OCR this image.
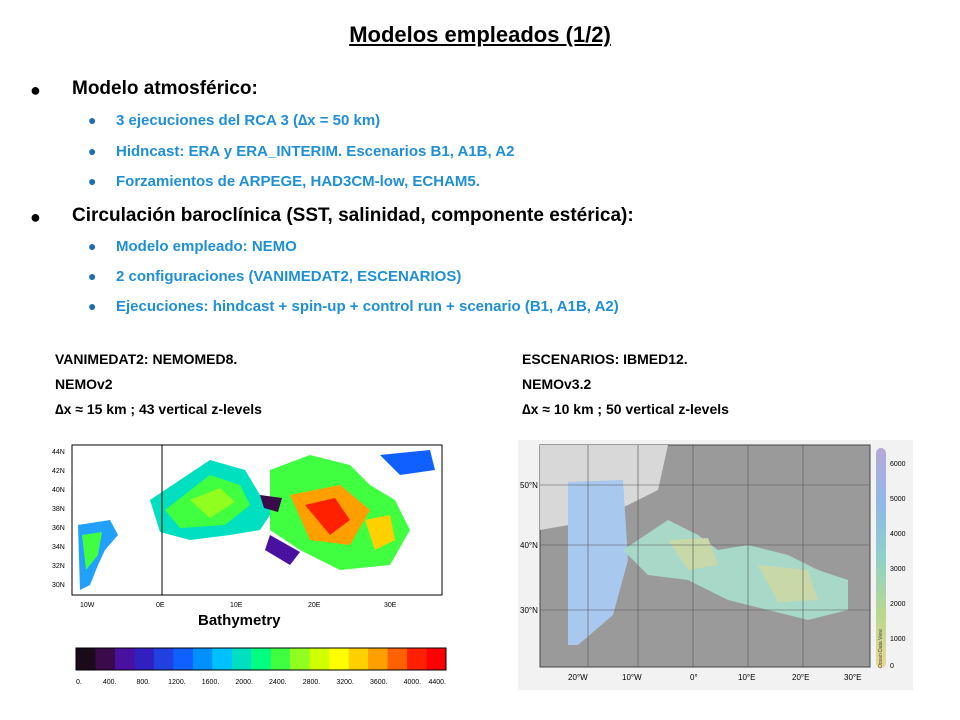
Modelos empleados (1/2)
● Modelo atmosférico:
● 3 ejecuciones del RCA 3 (∆x = 50 km)
● Hidncast: ERA y ERA_INTERIM. Escenarios B1, A1B, A2
● Forzamientos de ARPEGE, HAD3CM-low, ECHAM5.
● Circulación baroclínica (SST, salinidad, componente estérica):
● Modelo empleado: NEMO
● 2 configuraciones (VANIMEDAT2, ESCENARIOS)
● Ejecuciones: hindcast + spin-up + control run + scenario (B1, A1B, A2)
VANIMEDAT2: NEMOMED8.
NEMOv2
∆x ≈ 15 km ; 43 vertical z-levels
ESCENARIOS: IBMED12.
NEMOv3.2
∆x ≈ 10 km ; 50 vertical z-levels
44N
42N
40N
38N
36N
34N
32N
30N
10W	0E	10E	20E	30E
Bathymetry
0.	400.	800.	1200. 1600. 2000. 2400. 2800. 3200. 3600. 4000. 4400.
50°N
40°N
30°N
20°W	10°W	0°	10°E	20°E	30°E
6000
5000
4000
3000
2000
1000
0
Ocean Data View
